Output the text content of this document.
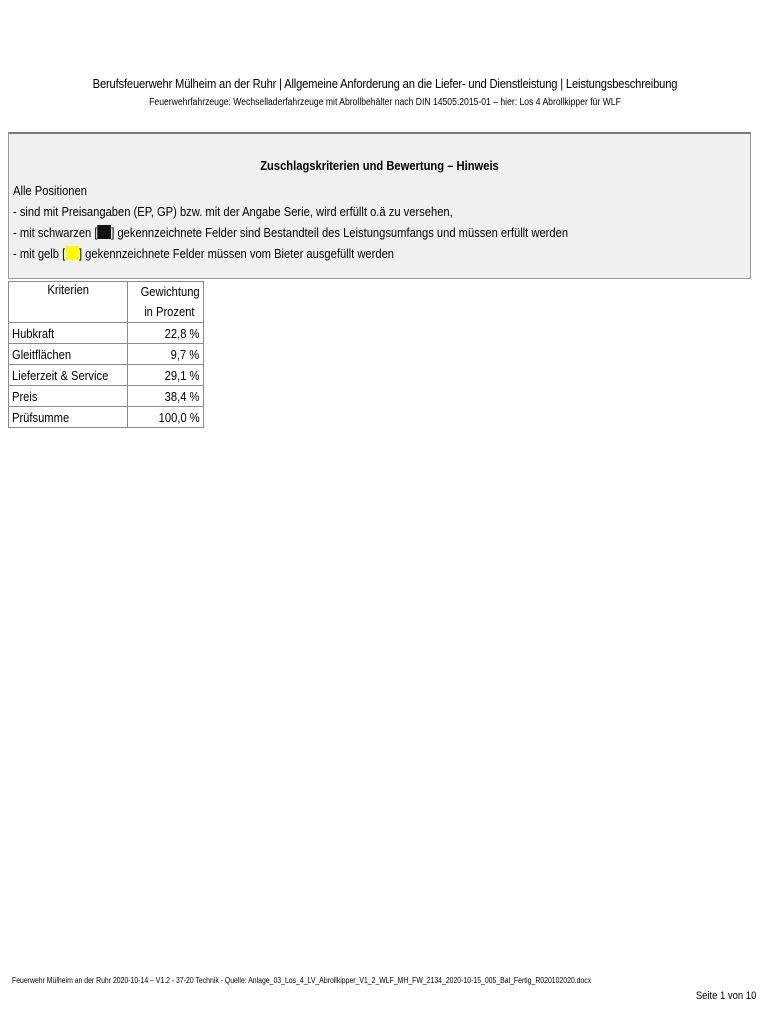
Berufsfeuerwehr Mülheim an der Ruhr | Allgemeine Anforderung an die Liefer- und Dienstleistung | Leistungsbeschreibung
Feuerwehrfahrzeuge: Wechselladerfahrzeuge mit Abrollbehälter nach DIN 14505:2015-01 – hier: Los 4 Abrollkipper für WLF
Zuschlagskriterien und Bewertung – Hinweis
Alle Positionen
- sind mit Preisangaben (EP, GP) bzw. mit der Angabe Serie, wird erfüllt o.ä zu versehen,
- mit schwarzen [ ] gekennzeichnete Felder sind Bestandteil des Leistungsumfangs und müssen erfüllt werden
- mit gelb [ ] gekennzeichnete Felder müssen vom Bieter ausgefüllt werden
Kriterien	Gewichtung
in Prozent
Hubkraft	22,8 %
Gleitflächen	9,7 %
Lieferzeit & Service	29,1 %
Preis	38,4 %
Prüfsumme	100,0 %
Feuerwehr Mülheim an der Ruhr 2020-10-14 – V1.2 - 37-20 Technik - Quelle: Anlage_03_Los_4_LV_Abrollkipper_V1_2_WLF_MH_FW_2134_2020-10-15_005_Bal_Fertig_R020102020.docx
Seite 1 von 10
